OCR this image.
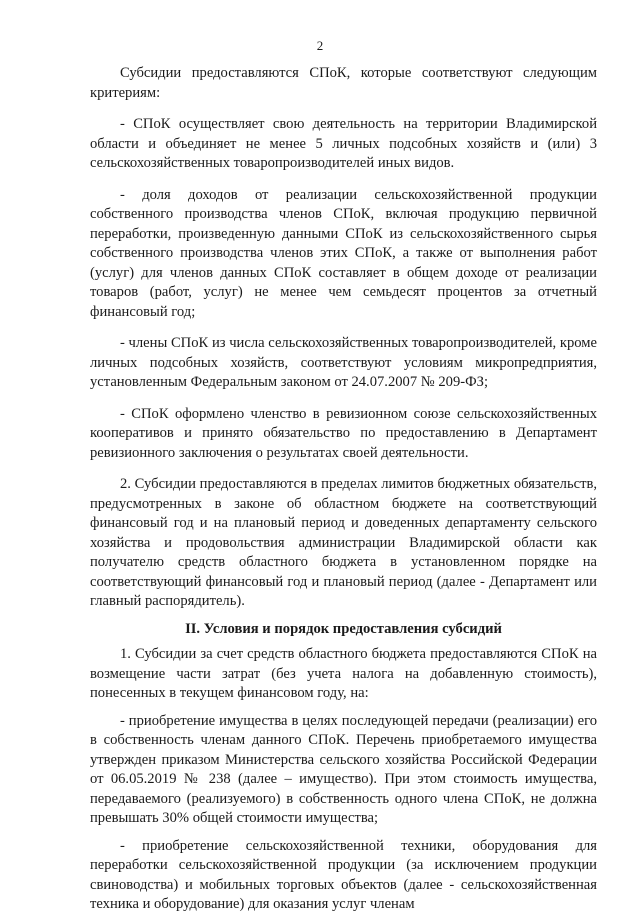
2

Субсидии предоставляются СПоК, которые соответствуют следующим критериям:

- СПоК осуществляет свою деятельность на территории Владимирской области и объединяет не менее 5 личных подсобных хозяйств и (или) 3 сельскохозяйственных товаропроизводителей иных видов.

- доля доходов от реализации сельскохозяйственной продукции собственного производства членов СПоК, включая продукцию первичной переработки, произведенную данными СПоК из сельскохозяйственного сырья собственного производства членов этих СПоК, а также от выполнения работ (услуг) для членов данных СПоК составляет в общем доходе от реализации товаров (работ, услуг) не менее чем семьдесят процентов за отчетный финансовый год;

- члены СПоК из числа сельскохозяйственных товаропроизводителей, кроме личных подсобных хозяйств, соответствуют условиям микропредприятия, установленным Федеральным законом от 24.07.2007 № 209-ФЗ;

- СПоК оформлено членство в ревизионном союзе сельскохозяйственных кооперативов и принято обязательство по предоставлению в Департамент ревизионного заключения о результатах своей деятельности.

2. Субсидии предоставляются в пределах лимитов бюджетных обязательств, предусмотренных в законе об областном бюджете на соответствующий финансовый год и на плановый период и доведенных департаменту сельского хозяйства и продовольствия администрации Владимирской области как получателю средств областного бюджета в установленном порядке на соответствующий финансовый год и плановый период (далее - Департамент или главный распорядитель).

II. Условия и порядок предоставления субсидий

1. Субсидии за счет средств областного бюджета предоставляются СПоК на возмещение части затрат (без учета налога на добавленную стоимость), понесенных в текущем финансовом году, на:

- приобретение имущества в целях последующей передачи (реализации) его в собственность членам данного СПоК. Перечень приобретаемого имущества утвержден приказом Министерства сельского хозяйства Российской Федерации от 06.05.2019 № 238 (далее – имущество). При этом стоимость имущества, передаваемого (реализуемого) в собственность одного члена СПоК, не должна превышать 30% общей стоимости имущества;

- приобретение сельскохозяйственной техники, оборудования для переработки сельскохозяйственной продукции (за исключением продукции свиноводства) и мобильных торговых объектов (далее - сельскохозяйственная техника и оборудование) для оказания услуг членам
